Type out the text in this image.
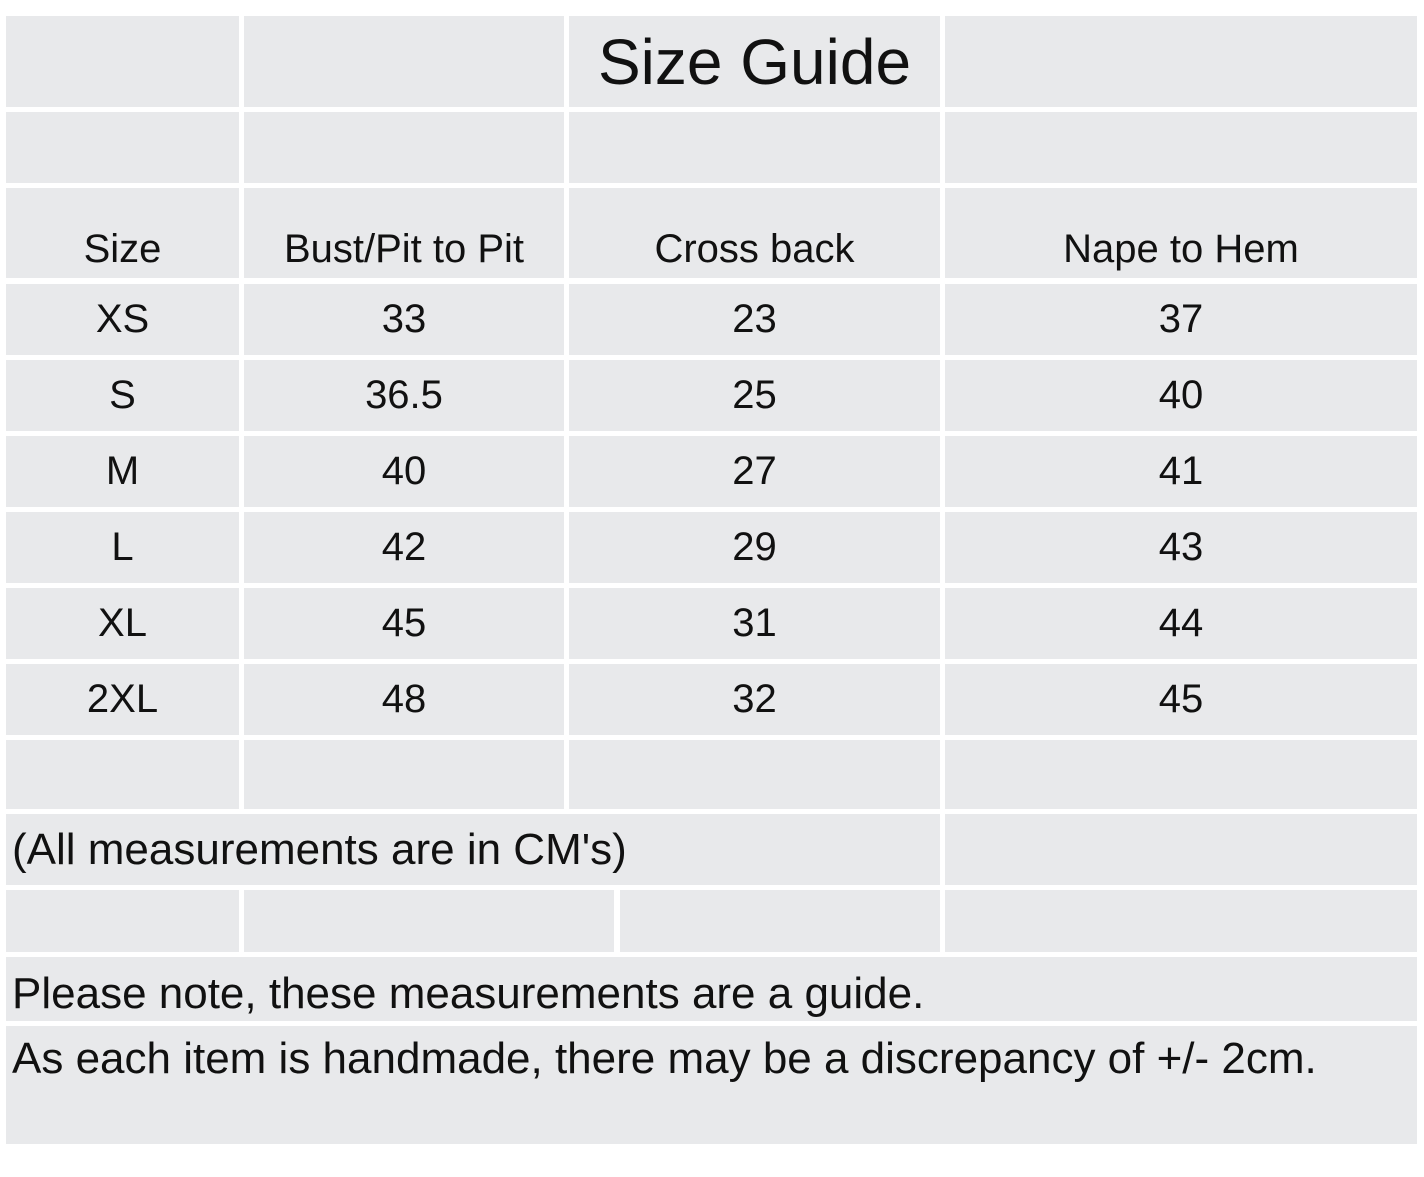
Size Guide
Size	Bust/Pit to Pit	Cross back	Nape to Hem
XS	33	23	37
S	36.5	25	40
M	40	27	41
L	42	29	43
XL	45	31	44
2XL	48	32	45
(All measurements are in CM's)
Please note, these measurements are a guide.
As each item is handmade, there may be a discrepancy of +/- 2cm.
